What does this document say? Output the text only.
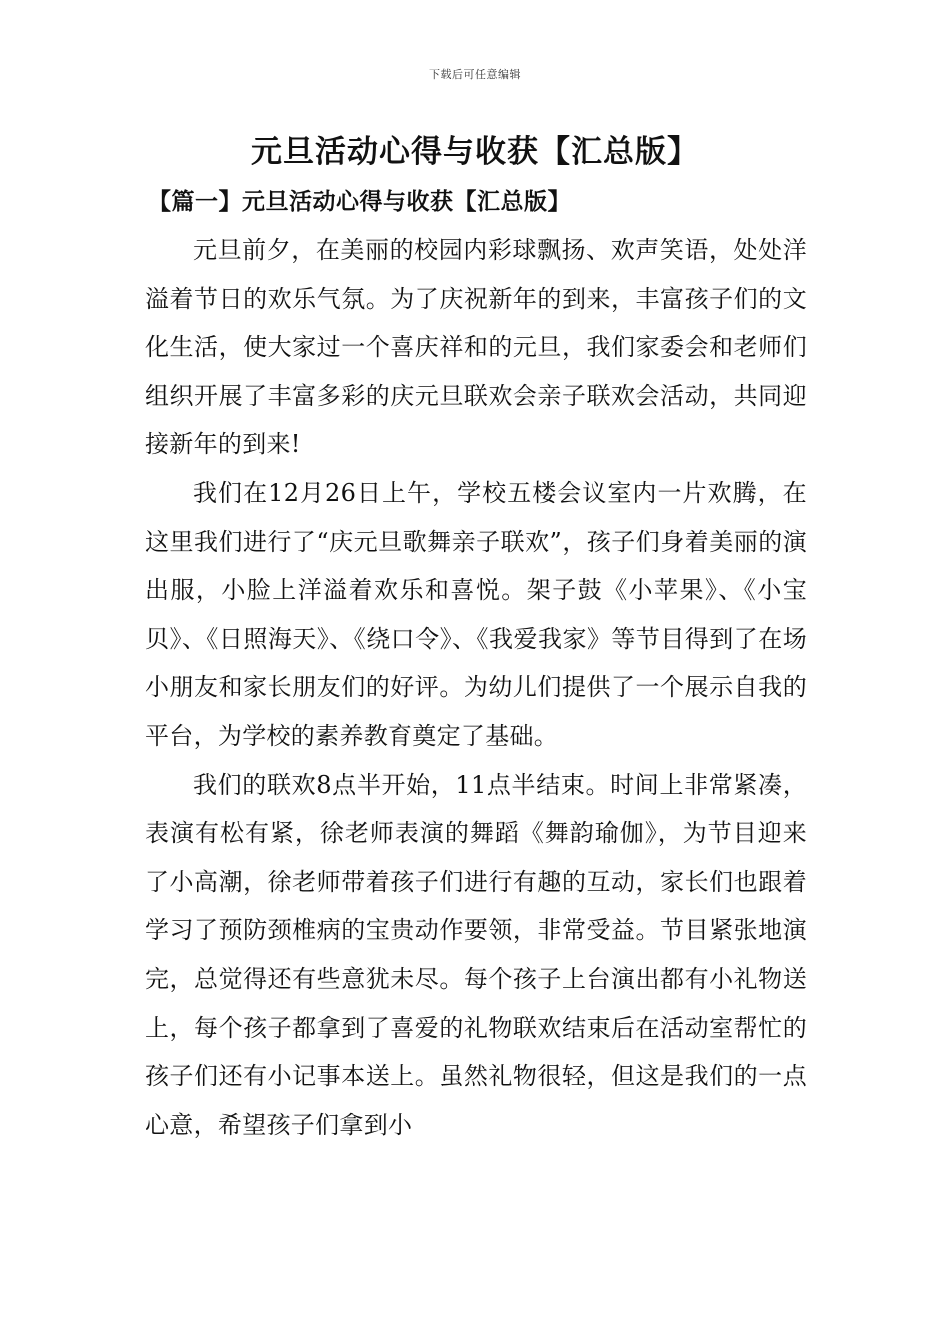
下载后可任意编辑
元旦活动心得与收获【汇总版】
【篇一】元旦活动心得与收获【汇总版】

元旦前夕，在美丽的校园内彩球飘扬、欢声笑语，处处洋溢着节日的欢乐气氛。为了庆祝新年的到来，丰富孩子们的文化生活，使大家过一个喜庆祥和的元旦，我们家委会和老师们组织开展了丰富多彩的庆元旦联欢会亲子联欢会活动，共同迎接新年的到来!

我们在12月26日上午，学校五楼会议室内一片欢腾，在这里我们进行了“庆元旦歌舞亲子联欢”，孩子们身着美丽的演出服，小脸上洋溢着欢乐和喜悦。架子鼓《小苹果》、《小宝贝》、《日照海天》、《绕口令》、《我爱我家》等节目得到了在场小朋友和家长朋友们的好评。为幼儿们提供了一个展示自我的平台，为学校的素养教育奠定了基础。

我们的联欢8点半开始，11点半结束。时间上非常紧凑，表演有松有紧，徐老师表演的舞蹈《舞韵瑜伽》，为节目迎来了小高潮，徐老师带着孩子们进行有趣的互动，家长们也跟着学习了预防颈椎病的宝贵动作要领，非常受益。节目紧张地演完，总觉得还有些意犹未尽。每个孩子上台演出都有小礼物送上，每个孩子都拿到了喜爱的礼物联欢结束后在活动室帮忙的孩子们还有小记事本送上。虽然礼物很轻，但这是我们的一点心意，希望孩子们拿到小
